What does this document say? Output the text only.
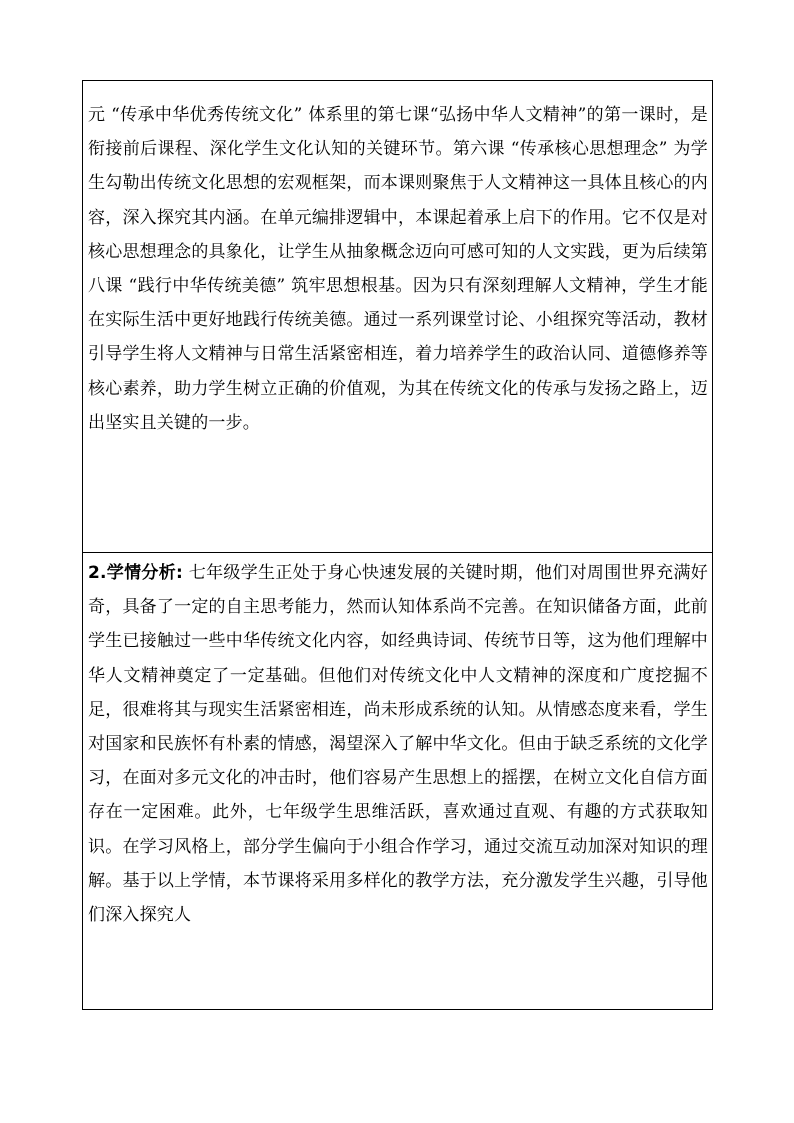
元 “传承中华优秀传统文化” 体系里的第七课“弘扬中华人文精神”的第一课时，是衔接前后课程、深化学生文化认知的关键环节。第六课 “传承核心思想理念” 为学生勾勒出传统文化思想的宏观框架，而本课则聚焦于人文精神这一具体且核心的内容，深入探究其内涵。在单元编排逻辑中，本课起着承上启下的作用。它不仅是对核心思想理念的具象化，让学生从抽象概念迈向可感可知的人文实践，更为后续第八课 “践行中华传统美德” 筑牢思想根基。因为只有深刻理解人文精神，学生才能在实际生活中更好地践行传统美德。通过一系列课堂讨论、小组探究等活动，教材引导学生将人文精神与日常生活紧密相连，着力培养学生的政治认同、道德修养等核心素养，助力学生树立正确的价值观，为其在传统文化的传承与发扬之路上，迈出坚实且关键的一步。

2.学情分析: 七年级学生正处于身心快速发展的关键时期，他们对周围世界充满好奇，具备了一定的自主思考能力，然而认知体系尚不完善。在知识储备方面，此前学生已接触过一些中华传统文化内容，如经典诗词、传统节日等，这为他们理解中华人文精神奠定了一定基础。但他们对传统文化中人文精神的深度和广度挖掘不足，很难将其与现实生活紧密相连，尚未形成系统的认知。从情感态度来看，学生对国家和民族怀有朴素的情感，渴望深入了解中华文化。但由于缺乏系统的文化学习，在面对多元文化的冲击时，他们容易产生思想上的摇摆，在树立文化自信方面存在一定困难。此外，七年级学生思维活跃，喜欢通过直观、有趣的方式获取知识。在学习风格上，部分学生偏向于小组合作学习，通过交流互动加深对知识的理解。基于以上学情，本节课将采用多样化的教学方法，充分激发学生兴趣，引导他们深入探究人
